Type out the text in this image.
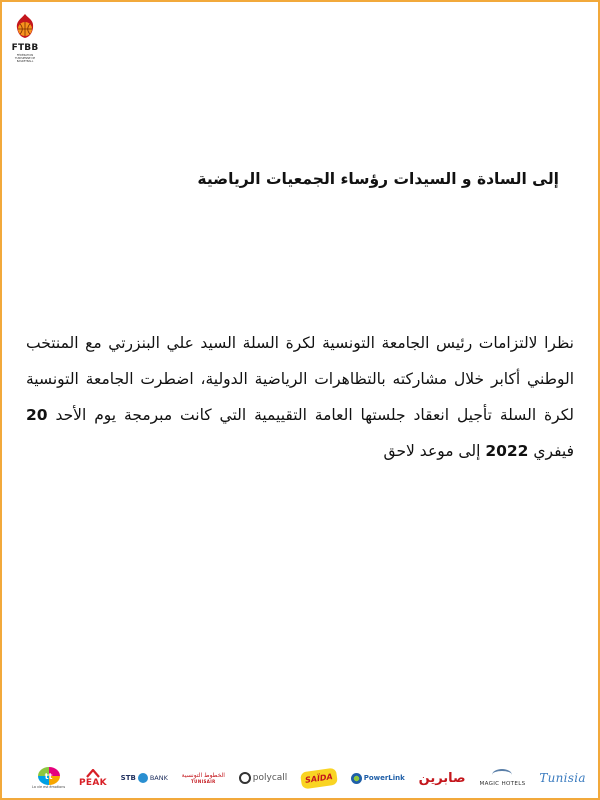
FTBB
FÉDÉRATION TUNISIENNE DE BASKETBALL
إلى السادة و السيدات رؤساء الجمعيات الرياضية
نظرا لالتزامات رئيس الجامعة التونسية لكرة السلة السيد علي البنزرتي مع المنتخب الوطني أكابر خلال مشاركته بالتظاهرات الرياضية الدولية، اضطرت الجامعة التونسية لكرة السلة تأجيل انعقاد جلستها العامة التقييمية التي كانت مبرمجة يوم الأحد 20 فيفري 2022 إلى موعد لاحق
tt
La vie est émotions PEAK STB BANK الخطوط التونسية
TUNISAIR	polycall	SAÏDA	PowerLink صابرين MAGIC HOTELS Tunisia
